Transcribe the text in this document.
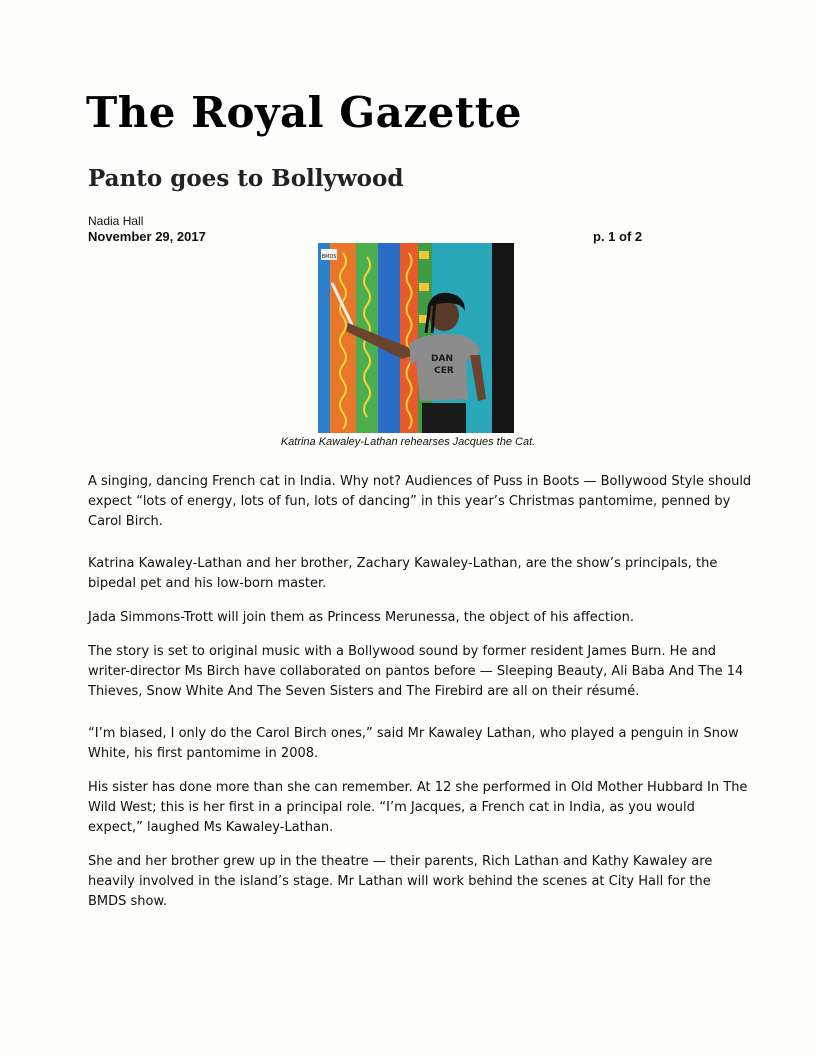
The Royal Gazette
Panto goes to Bollywood
Nadia Hall
November 29, 2017	p. 1 of 2
BMDS
DAN
CER
Katrina Kawaley-Lathan rehearses Jacques the Cat.

A singing, dancing French cat in India. Why not? Audiences of Puss in Boots — Bollywood Style should expect “lots of energy, lots of fun, lots of dancing” in this year’s Christmas pantomime, penned by Carol Birch.

Katrina Kawaley-Lathan and her brother, Zachary Kawaley-Lathan, are the show’s principals, the bipedal pet and his low-born master.

Jada Simmons-Trott will join them as Princess Merunessa, the object of his affection.

The story is set to original music with a Bollywood sound by former resident James Burn. He and writer-director Ms Birch have collaborated on pantos before — Sleeping Beauty, Ali Baba And The 14 Thieves, Snow White And The Seven Sisters and The Firebird are all on their résumé.

“I’m biased, I only do the Carol Birch ones,” said Mr Kawaley Lathan, who played a penguin in Snow White, his first pantomime in 2008.

His sister has done more than she can remember. At 12 she performed in Old Mother Hubbard In The Wild West; this is her first in a principal role. “I’m Jacques, a French cat in India, as you would expect,” laughed Ms Kawaley-Lathan.

She and her brother grew up in the theatre — their parents, Rich Lathan and Kathy Kawaley are heavily involved in the island’s stage. Mr Lathan will work behind the scenes at City Hall for the BMDS show.
